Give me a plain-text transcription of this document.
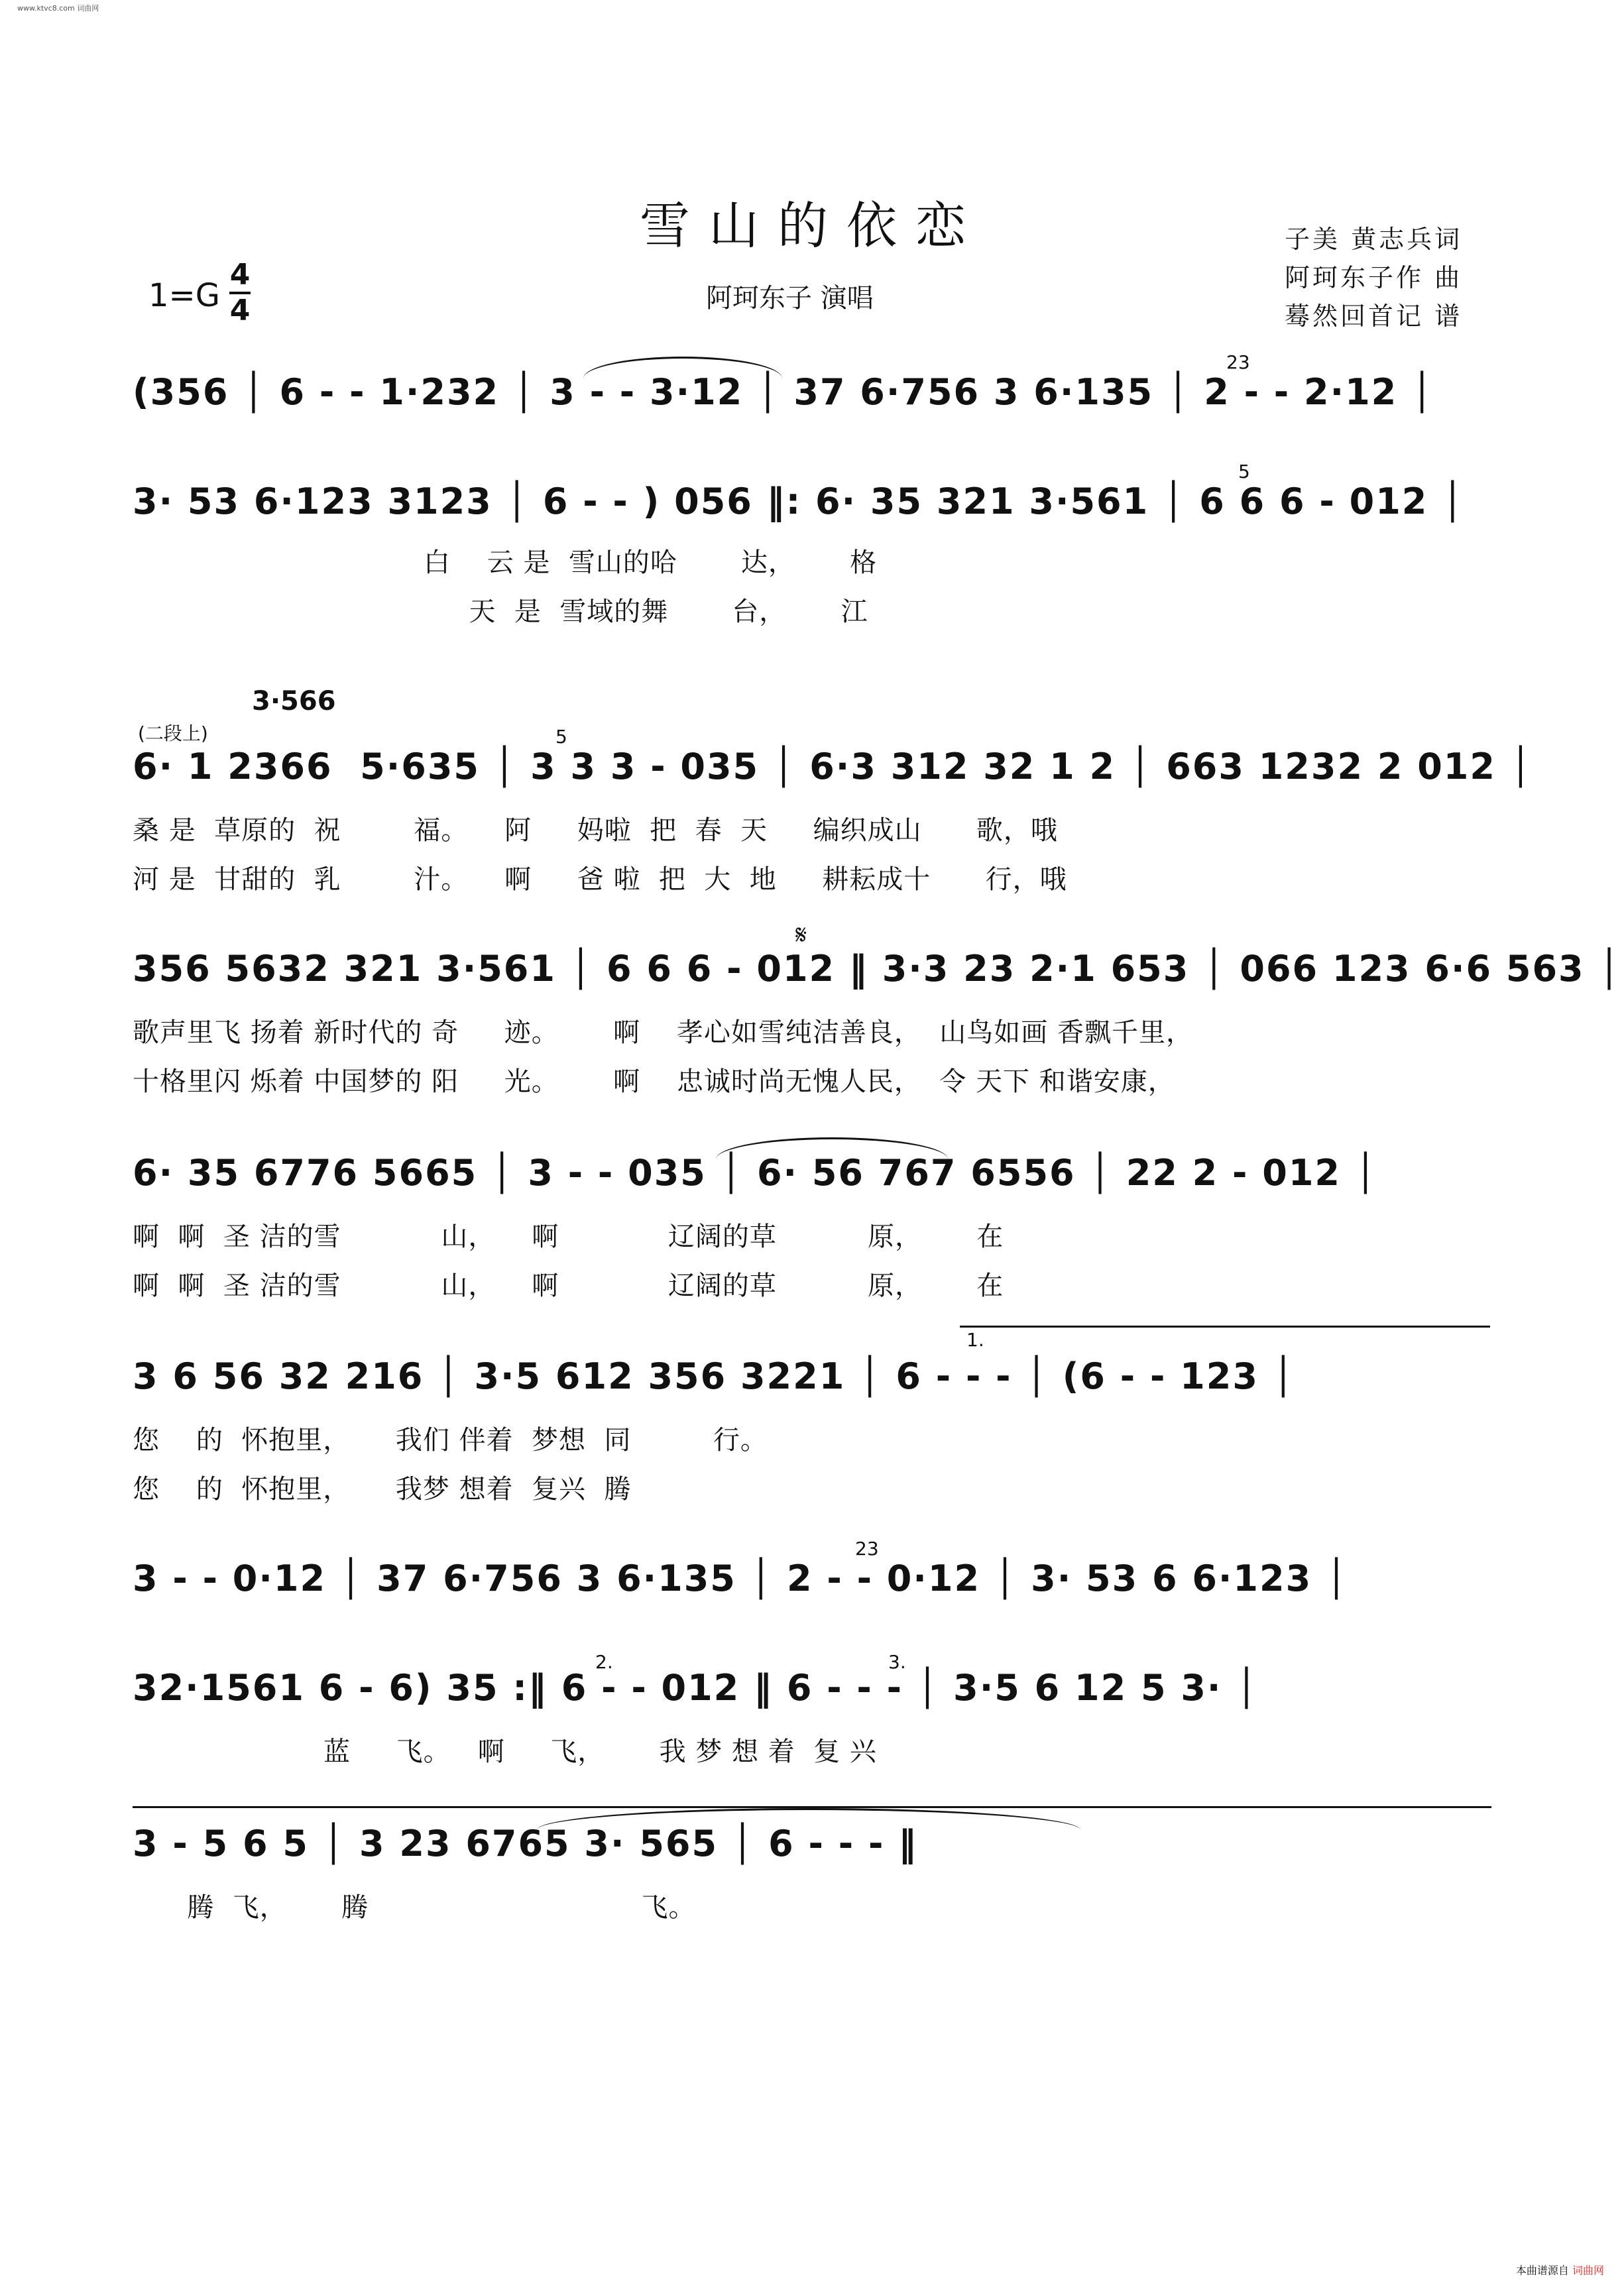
www.ktvc8.com 词曲网
雪山的依恋
阿珂东子 演唱
1=G
4
4
子美 黄志兵词
阿珂东子作 曲
蓦然回首记 谱
(356 │ 6 - - 1·232 │ 3 - - 3·12 │ 37 6·756 3 6·135 │ 2 - - 2·12 │
23
3· 53 6·123 3123 │ 6 - - ) 056 ‖: 6· 35 321 3·561 │ 6 6 6 - 012 │
白    云 是  雪山的哈       达，      格
天  是  雪域的舞       台，      江
5
(二段上)
3·566
6· 1 2366  5·635 │ 3 3 3 - 035 │ 6·3 312 32 1 2 │ 663 1232 2 012 │
桑 是  草原的  祝        福。    阿     妈啦  把  春  天     编织成山      歌，哦
河 是  甘甜的  乳        汁。    啊     爸 啦  把  大  地     耕耘成十      行，哦
5
356 5632 321 3·561 │ 6 6 6 - 012 ‖ 3·3 23 2·1 653 │ 066 123 6·6 563 │
歌声里飞 扬着 新时代的 奇     迹。      啊    孝心如雪纯洁善良，  山鸟如画 香飘千里，
十格里闪 烁着 中国梦的 阳     光。      啊    忠诚时尚无愧人民，  令 天下 和谐安康，
𝄋
6· 35 6776 5665 │ 3 - - 035 │ 6· 56 767 6556 │ 22 2 - 012 │
啊  啊  圣 洁的雪           山，    啊            辽阔的草          原，      在
啊  啊  圣 洁的雪           山，    啊            辽阔的草          原，      在
1.
3 6 56 32 216 │ 3·5 612 356 3221 │ 6 - - - │ (6 - - 123 │
您    的  怀抱里，     我们 伴着  梦想  同         行。
您    的  怀抱里，     我梦 想着  复兴  腾
3 - - 0·12 │ 37 6·756 3 6·135 │ 2 - - 0·12 │ 3· 53 6 6·123 │
23
2.	3.
32·1561 6 - 6) 35 :‖ 6 - - 012 ‖ 6 - - - │ 3·5 6 12 5 3· │
蓝     飞。   啊     飞，      我 梦 想 着  复 兴
3 - 5 6 5 │ 3 23 6765 3· 565 │ 6 - - - ‖
腾  飞，      腾                              飞。
本曲谱源自 词曲网
